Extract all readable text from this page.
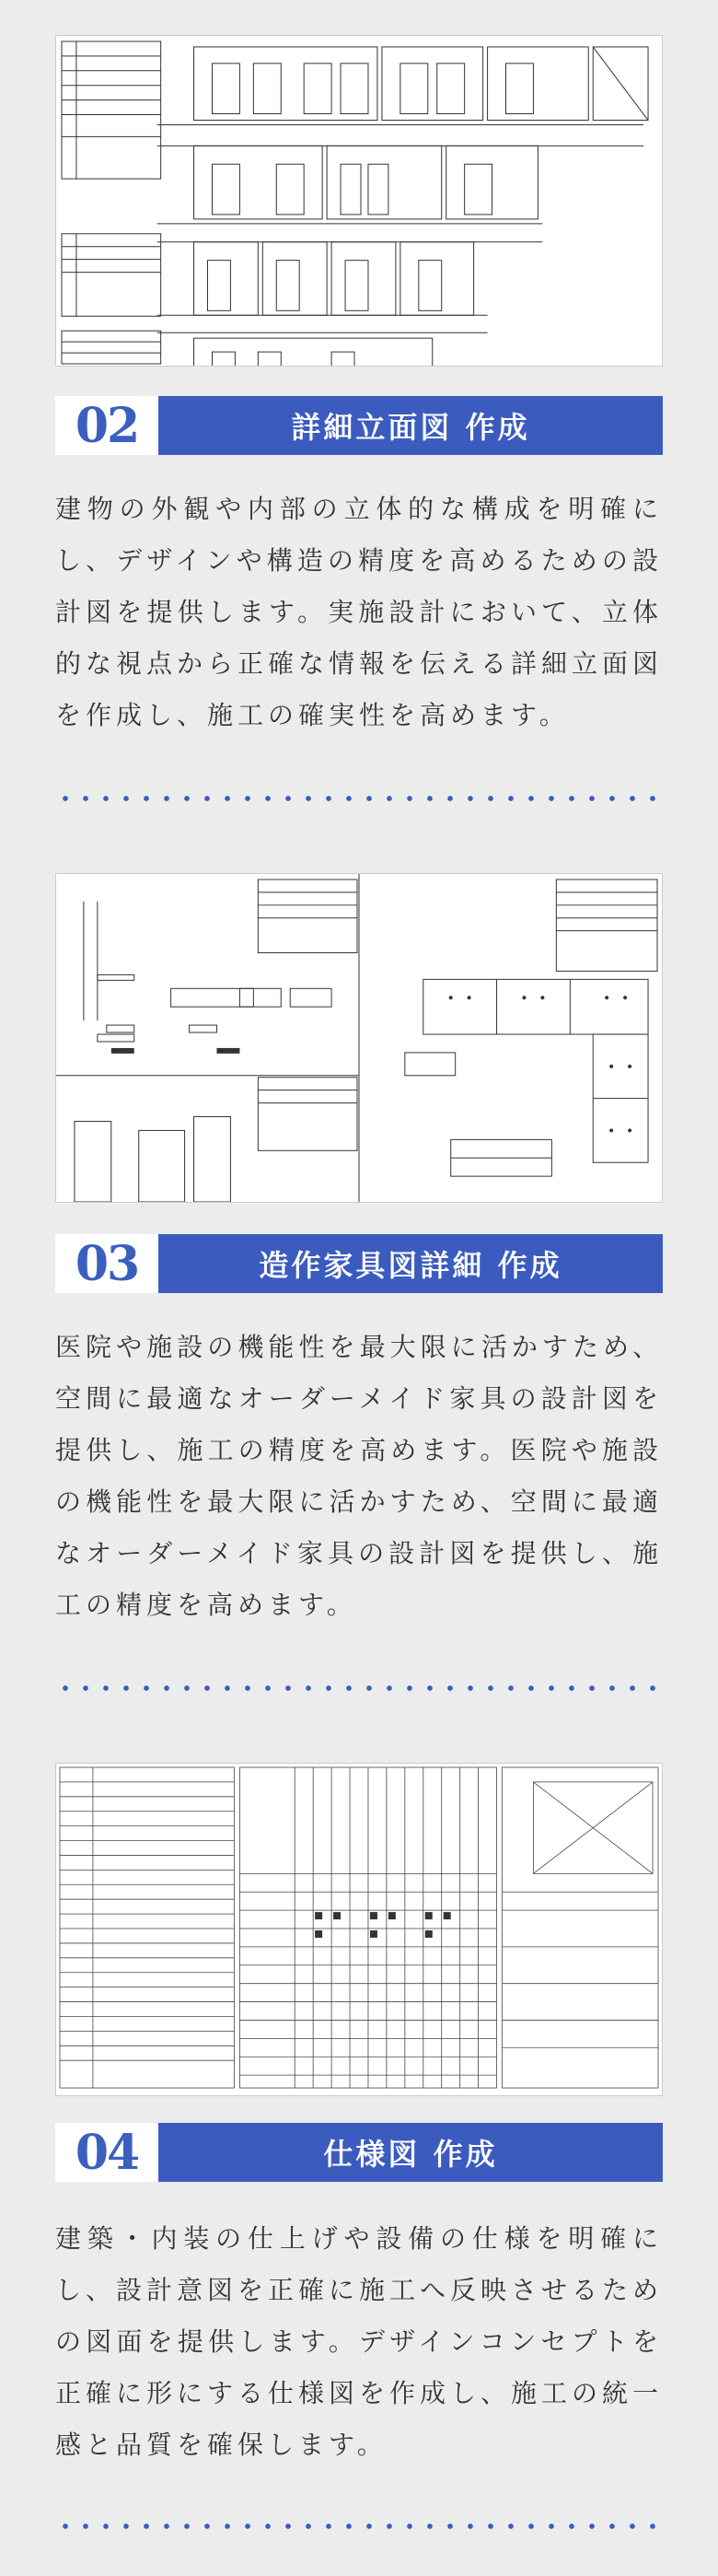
02	詳細立面図 作成

建物の外観や内部の立体的な構成を明確にし、デザインや構造の精度を高めるための設計図を提供します。実施設計において、立体的な視点から正確な情報を伝える詳細立面図を作成し、施工の確実性を高めます。

03	造作家具図詳細 作成

医院や施設の機能性を最大限に活かすため、空間に最適なオーダーメイド家具の設計図を提供し、施工の精度を高めます。医院や施設の機能性を最大限に活かすため、空間に最適なオーダーメイド家具の設計図を提供し、施工の精度を高めます。

04	仕様図 作成

建築・内装の仕上げや設備の仕様を明確にし、設計意図を正確に施工へ反映させるための図面を提供します。デザインコンセプトを正確に形にする仕様図を作成し、施工の統一感と品質を確保します。
